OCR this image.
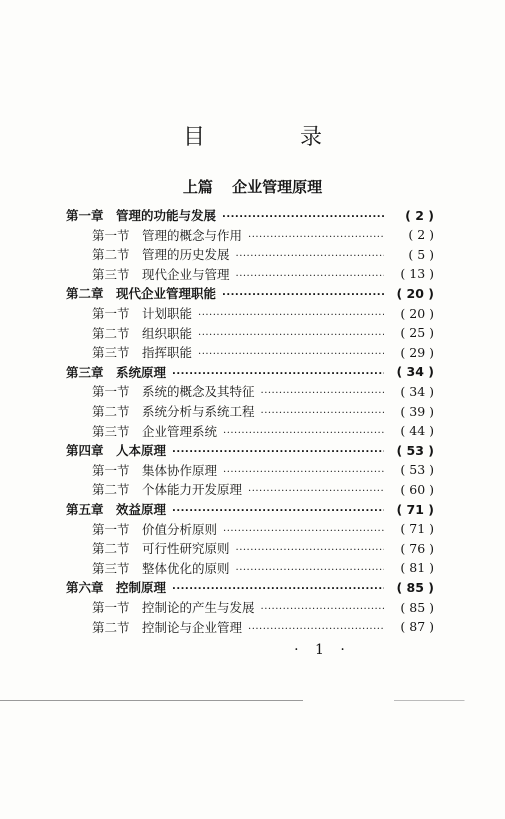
目 录
上篇 企业管理原理
第一章 管理的功能与发展 .....	( 2 )
第一节 管理的概念与作用 .....	( 2 )
第二节 管理的历史发展 .....	( 5 )
第三节 现代企业与管理 .....	( 13 )
第二章 现代企业管理职能 .....	( 20 )
第一节 计划职能 .....	( 20 )
第二节 组织职能 .....	( 25 )
第三节 指挥职能 .....	( 29 )
第三章 系统原理 .....	( 34 )
第一节 系统的概念及其特征 .....	( 34 )
第二节 系统分析与系统工程 .....	( 39 )
第三节 企业管理系统 .....	( 44 )
第四章 人本原理 .....	( 53 )
第一节 集体协作原理 .....	( 53 )
第二节 个体能力开发原理 .....	( 60 )
第五章 效益原理 .....	( 71 )
第一节 价值分析原则 .....	( 71 )
第二节 可行性研究原则 .....	( 76 )
第三节 整体优化的原则 .....	( 81 )
第六章 控制原理 .....	( 85 )
第一节 控制论的产生与发展 .....	( 85 )
第二节 控制论与企业管理 .....	( 87 )
· 1 ·
